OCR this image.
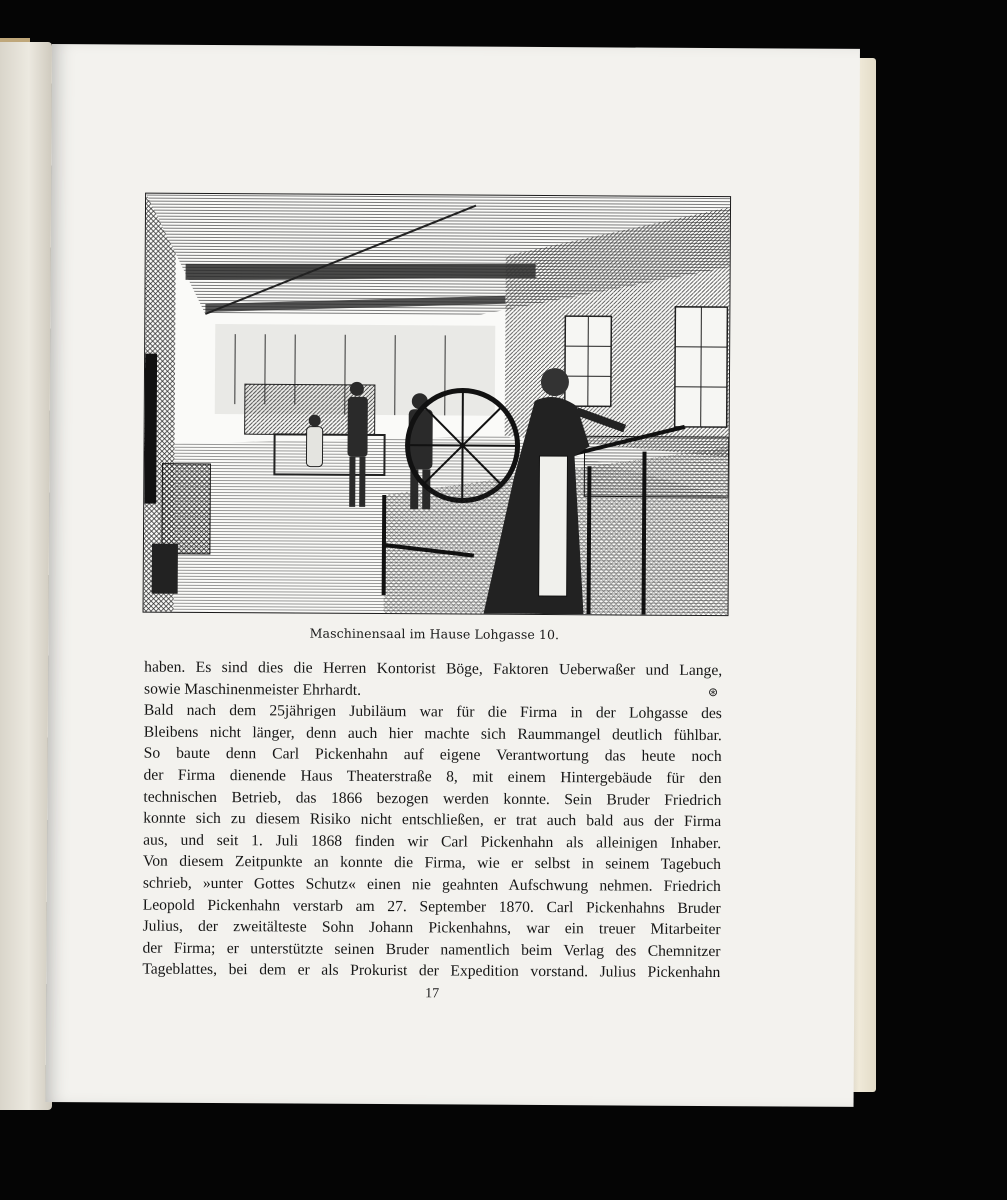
Maschinensaal im Hause Lohgasse 10.
haben. Es sind dies die Herren Kontorist Böge, Faktoren Ueberwaßer und Lange,
sowie Maschinenmeister Ehrhardt.	⊛
Bald nach dem 25jährigen Jubiläum war für die Firma in der Lohgasse des
Bleibens nicht länger, denn auch hier machte sich Raummangel deutlich fühlbar.
So baute denn Carl Pickenhahn auf eigene Verantwortung das heute noch
der Firma dienende Haus Theaterstraße 8, mit einem Hintergebäude für den
technischen Betrieb, das 1866 bezogen werden konnte. Sein Bruder Friedrich
konnte sich zu diesem Risiko nicht entschließen, er trat auch bald aus der Firma
aus, und seit 1. Juli 1868 finden wir Carl Pickenhahn als alleinigen Inhaber.
Von diesem Zeitpunkte an konnte die Firma, wie er selbst in seinem Tagebuch
schrieb, »unter Gottes Schutz« einen nie geahnten Aufschwung nehmen. Friedrich
Leopold Pickenhahn verstarb am 27. September 1870. Carl Pickenhahns Bruder
Julius, der zweitälteste Sohn Johann Pickenhahns, war ein treuer Mitarbeiter
der Firma; er unterstützte seinen Bruder namentlich beim Verlag des Chemnitzer
Tageblattes, bei dem er als Prokurist der Expedition vorstand. Julius Pickenhahn
17
